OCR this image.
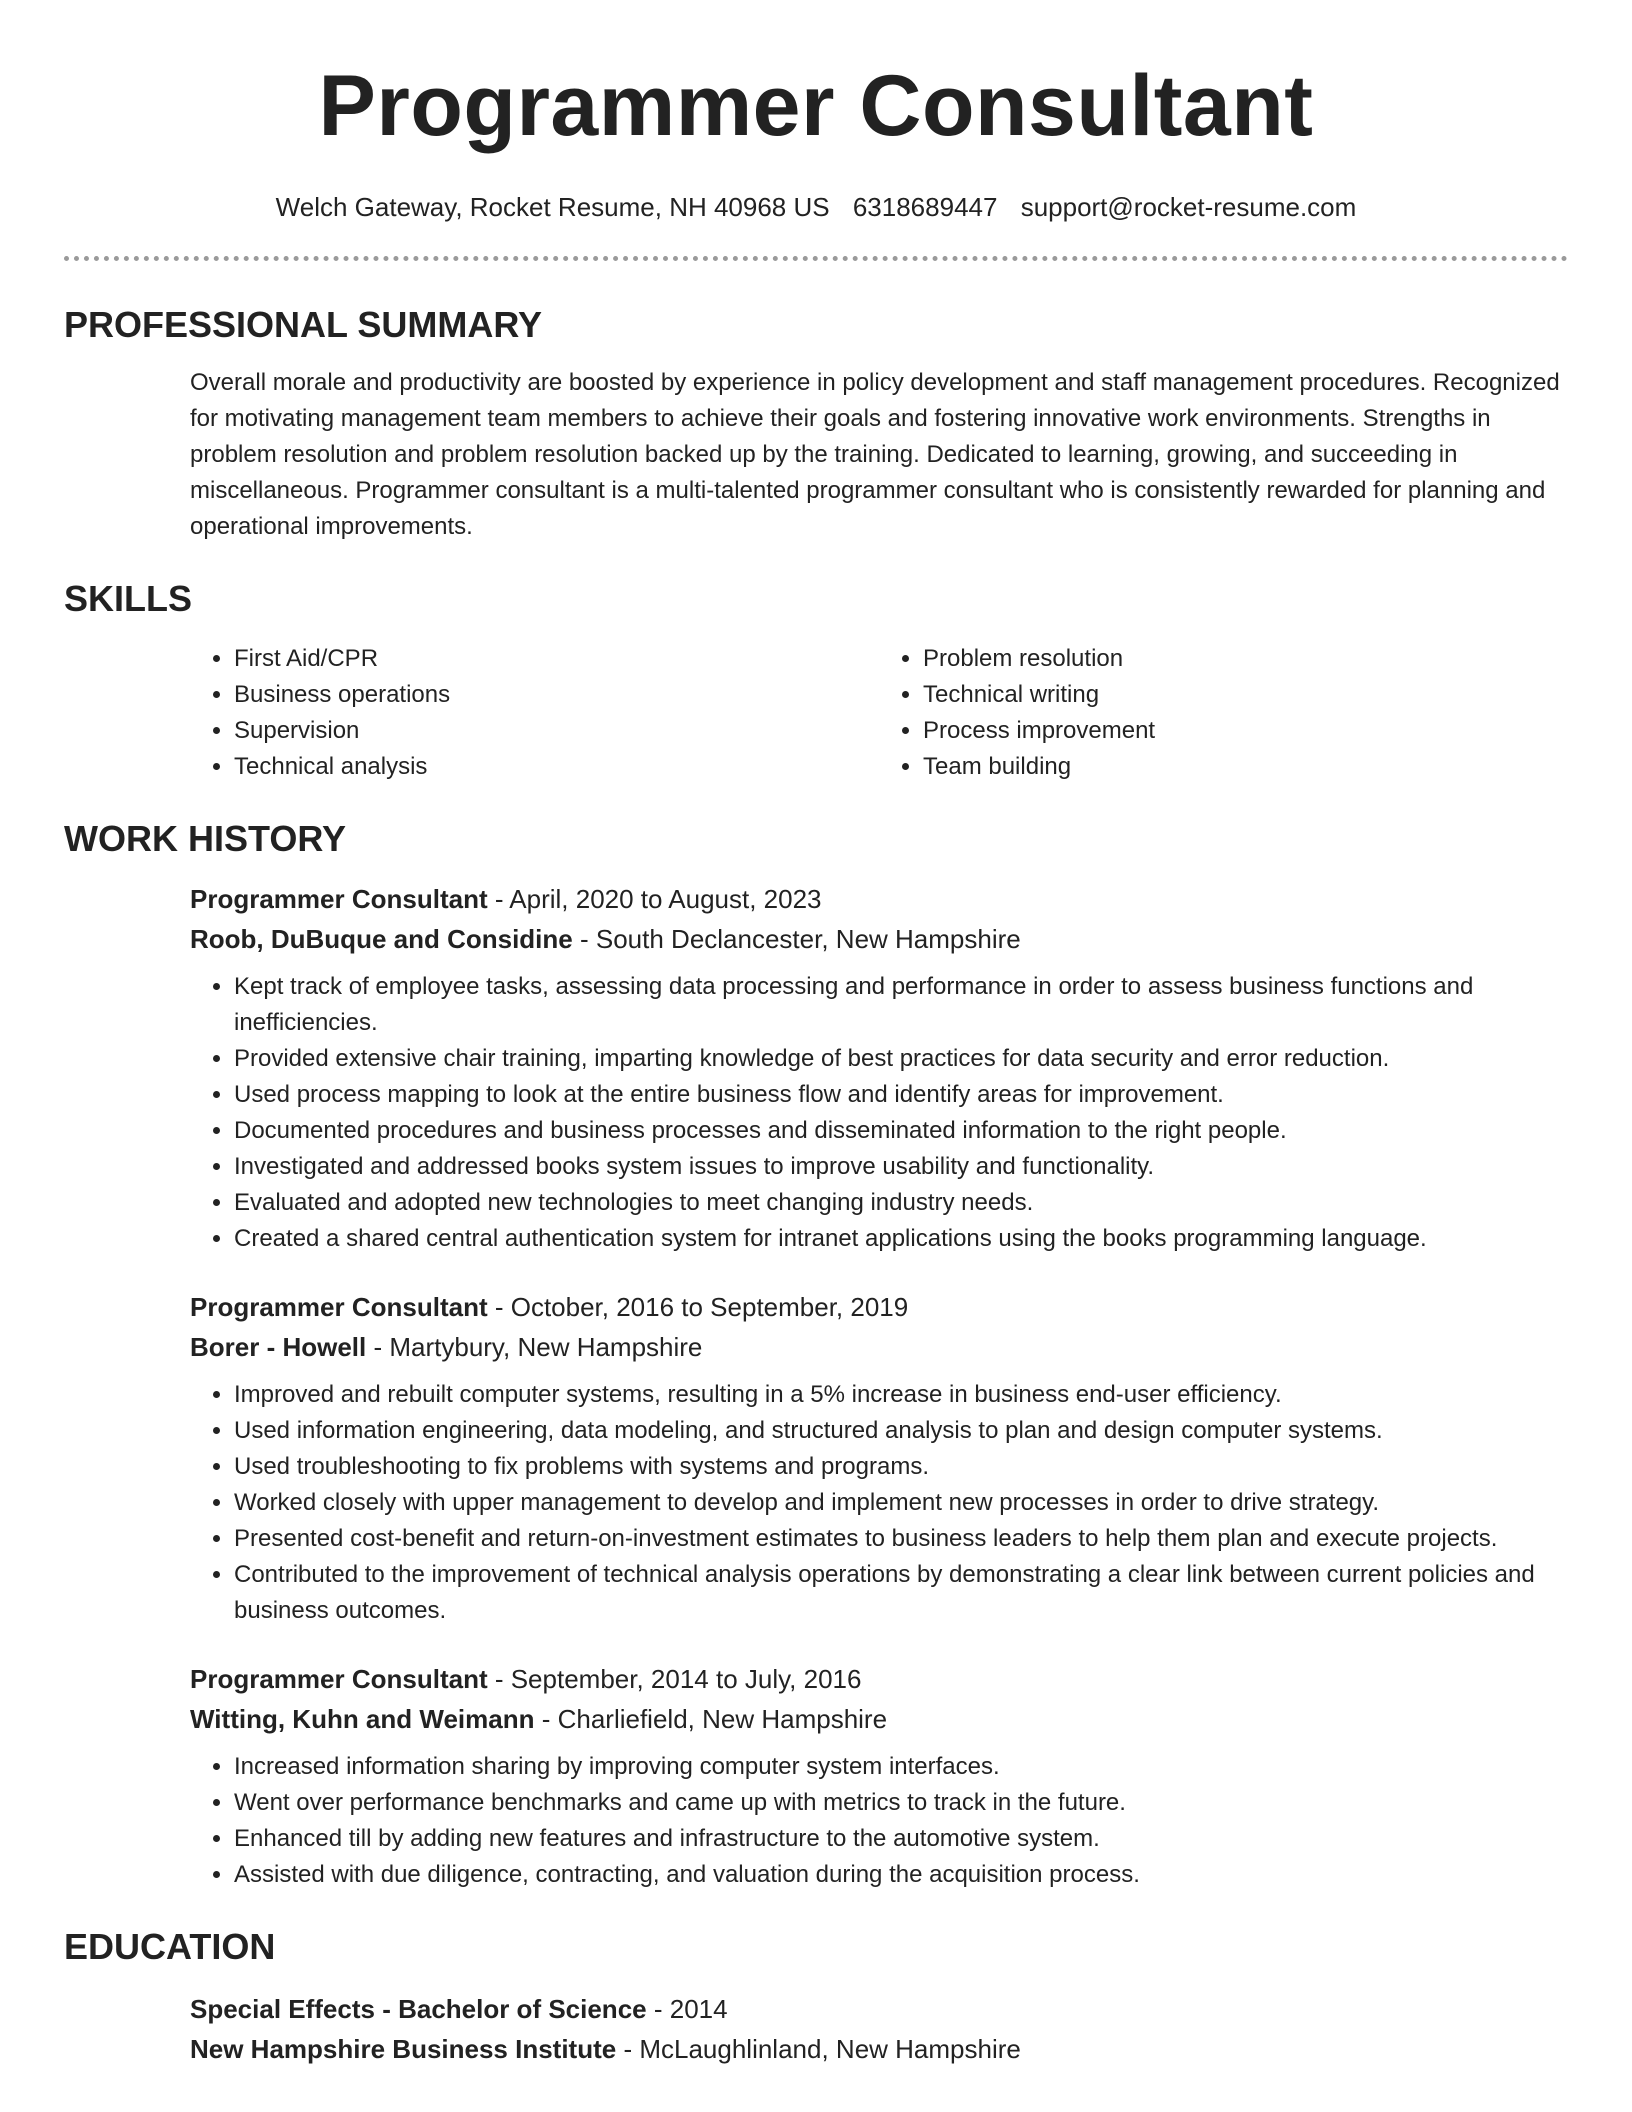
Programmer Consultant
Welch Gateway, Rocket Resume, NH 40968 US 6318689447 support@rocket-resume.com
PROFESSIONAL SUMMARY

Overall morale and productivity are boosted by experience in policy development and staff management procedures. Recognized for motivating management team members to achieve their goals and fostering innovative work environments. Strengths in problem resolution and problem resolution backed up by the training. Dedicated to learning, growing, and succeeding in miscellaneous. Programmer consultant is a multi-talented programmer consultant who is consistently rewarded for planning and operational improvements.

SKILLS
• First Aid/CPR
• Business operations
• Supervision
• Technical analysis
• Problem resolution
• Technical writing
• Process improvement
• Team building
WORK HISTORY

Programmer Consultant - April, 2020 to August, 2023

Roob, DuBuque and Considine - South Declancester, New Hampshire

• Kept track of employee tasks, assessing data processing and performance in order to assess business functions and inefficiencies.
• Provided extensive chair training, imparting knowledge of best practices for data security and error reduction.
• Used process mapping to look at the entire business flow and identify areas for improvement.
• Documented procedures and business processes and disseminated information to the right people.
• Investigated and addressed books system issues to improve usability and functionality.
• Evaluated and adopted new technologies to meet changing industry needs.
• Created a shared central authentication system for intranet applications using the books programming language.

Programmer Consultant - October, 2016 to September, 2019

Borer - Howell - Martybury, New Hampshire

• Improved and rebuilt computer systems, resulting in a 5% increase in business end-user efficiency.
• Used information engineering, data modeling, and structured analysis to plan and design computer systems.
• Used troubleshooting to fix problems with systems and programs.
• Worked closely with upper management to develop and implement new processes in order to drive strategy.
• Presented cost-benefit and return-on-investment estimates to business leaders to help them plan and execute projects.
• Contributed to the improvement of technical analysis operations by demonstrating a clear link between current policies and business outcomes.

Programmer Consultant - September, 2014 to July, 2016

Witting, Kuhn and Weimann - Charliefield, New Hampshire

• Increased information sharing by improving computer system interfaces.
• Went over performance benchmarks and came up with metrics to track in the future.
• Enhanced till by adding new features and infrastructure to the automotive system.
• Assisted with due diligence, contracting, and valuation during the acquisition process.
EDUCATION

Special Effects - Bachelor of Science - 2014

New Hampshire Business Institute - McLaughlinland, New Hampshire
